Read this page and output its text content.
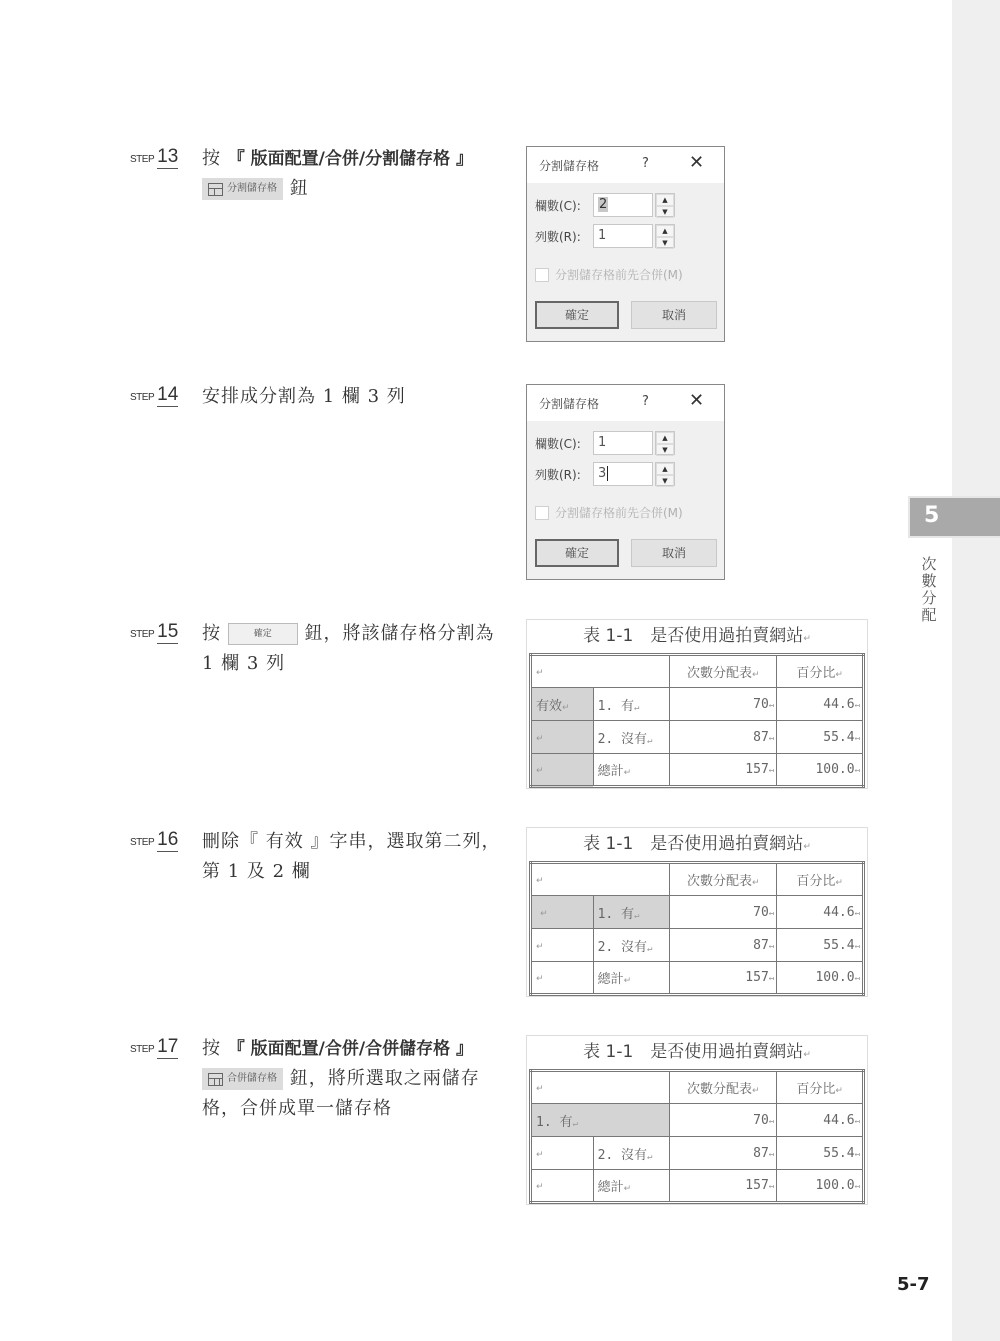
5
次
數
分
配
5-7
STEP 13 按 『 版面配置/合併/分割儲存格 』

分割儲存格 鈕
分割儲存格	? ✕
欄數(C):	2	▲
▼
列數(R):	1	▲
▼
分割儲存格前先合併(M)
確定	取消
STEP 14 安排成分割為 1 欄 3 列	分割儲存格	? ✕
欄數(C):	1	▲
▼
列數(R):	3	▲
▼
分割儲存格前先合併(M)
確定	取消
STEP 15 按	確定 鈕，將該儲存格分割為 1 欄 3 列
表 1-1　是否使用過拍賣網站↵
↵		次數分配表↵	百分比↵
有效↵	1. 有↵	70↤	44.6↤
↵	2. 沒有↵	87↤	55.4↤
↵	總計↵	157↤	100.0↤
STEP 16 刪除『 有效 』字串，選取第二列，第 1 及 2 欄
表 1-1　是否使用過拍賣網站↵
↵		次數分配表↵	百分比↵
↵	1. 有↵	70↤	44.6↤
↵	2. 沒有↵	87↤	55.4↤
↵	總計↵	157↤	100.0↤
STEP 17 按 『 版面配置/合併/合併儲存格 』

合併儲存格 鈕，將所選取之兩儲存格，合併成單一儲存格
表 1-1　是否使用過拍賣網站↵
↵		次數分配表↵	百分比↵
1. 有↵		70↤	44.6↤
↵	2. 沒有↵	87↤	55.4↤
↵	總計↵	157↤	100.0↤
